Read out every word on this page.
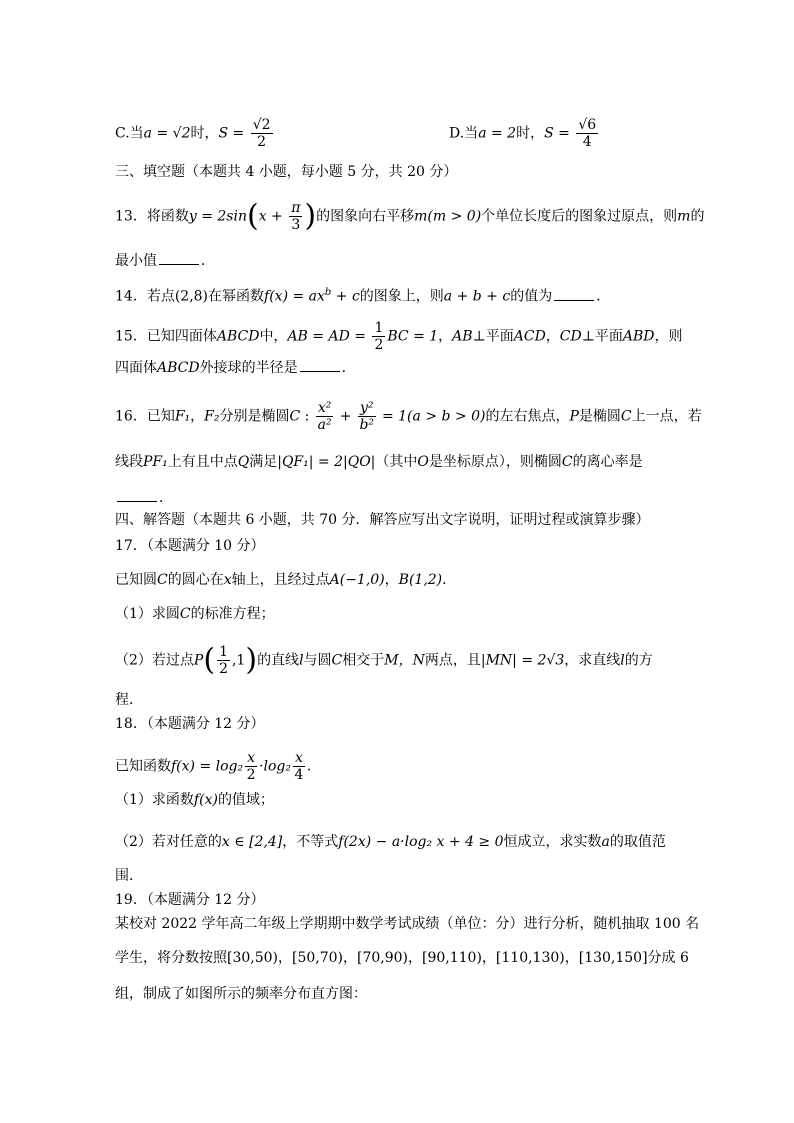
C.当a = √2时，$S = \frac{√2}{2}$	D.当a = 2时，$S = \frac{√6}{4}$
三、填空题（本题共 4 小题，每小题 5 分，共 20 分）
13．将函数$y = 2\sin(x + \frac{\pi}{3}$ )的图象向右平移m(m > 0)个单位长度后的图象过原点，则m的
最小值	．
14．若点(2,8)在幂函数$f(x) = ax^b + c$的图象上，则a + b + c的值为	．
15．已知四面体ABCD中，AB = AD = $\frac{1}{2}$ BC = 1，AB⊥平面ACD，CD⊥平面ABD，则
四面体ABCD外接球的半径是	．
16．已知F₁，F₂分别是椭圆C : $\frac{\text{x²}}{\text{a²}} + \frac{\text{y²}}{\text{b²}} = 1(a > b > 0)$的左右焦点，P是椭圆C上一点，若
线段PF₁上有且中点Q满足|QF₁| = 2|QO|（其中O是坐标原点），则椭圆C的离心率是
．
四、解答题（本题共 6 小题，共 70 分．解答应写出文字说明，证明过程或演算步骤）
17．（本题满分 10 分）
已知圆C的圆心在x轴上，且经过点A(−1,0)，B(1,2)．
（1）求圆C的标准方程；
（2）若过点$P( \frac{1}{2} ,1)$的直线l与圆C相交于M，N两点，且|MN| = 2√3，求直线l的方
程．
18．（本题满分 12 分）
已知函数$f(x) = \log_2 \frac{x}{2} \cdot\log_2 \frac{x}{4}$ ．
（1）求函数f(x)的值域；
（2）若对任意的x ∈ [2,4]，不等式f(2x) − a·log₂ x + 4 ≥ 0恒成立，求实数a的取值范
围．
19．（本题满分 12 分）
某校对 2022 学年高二年级上学期期中数学考试成绩（单位：分）进行分析，随机抽取 100 名
学生，将分数按照[30,50)，[50,70)，[70,90)，[90,110)，[110,130)，[130,150]分成 6
组，制成了如图所示的频率分布直方图：
